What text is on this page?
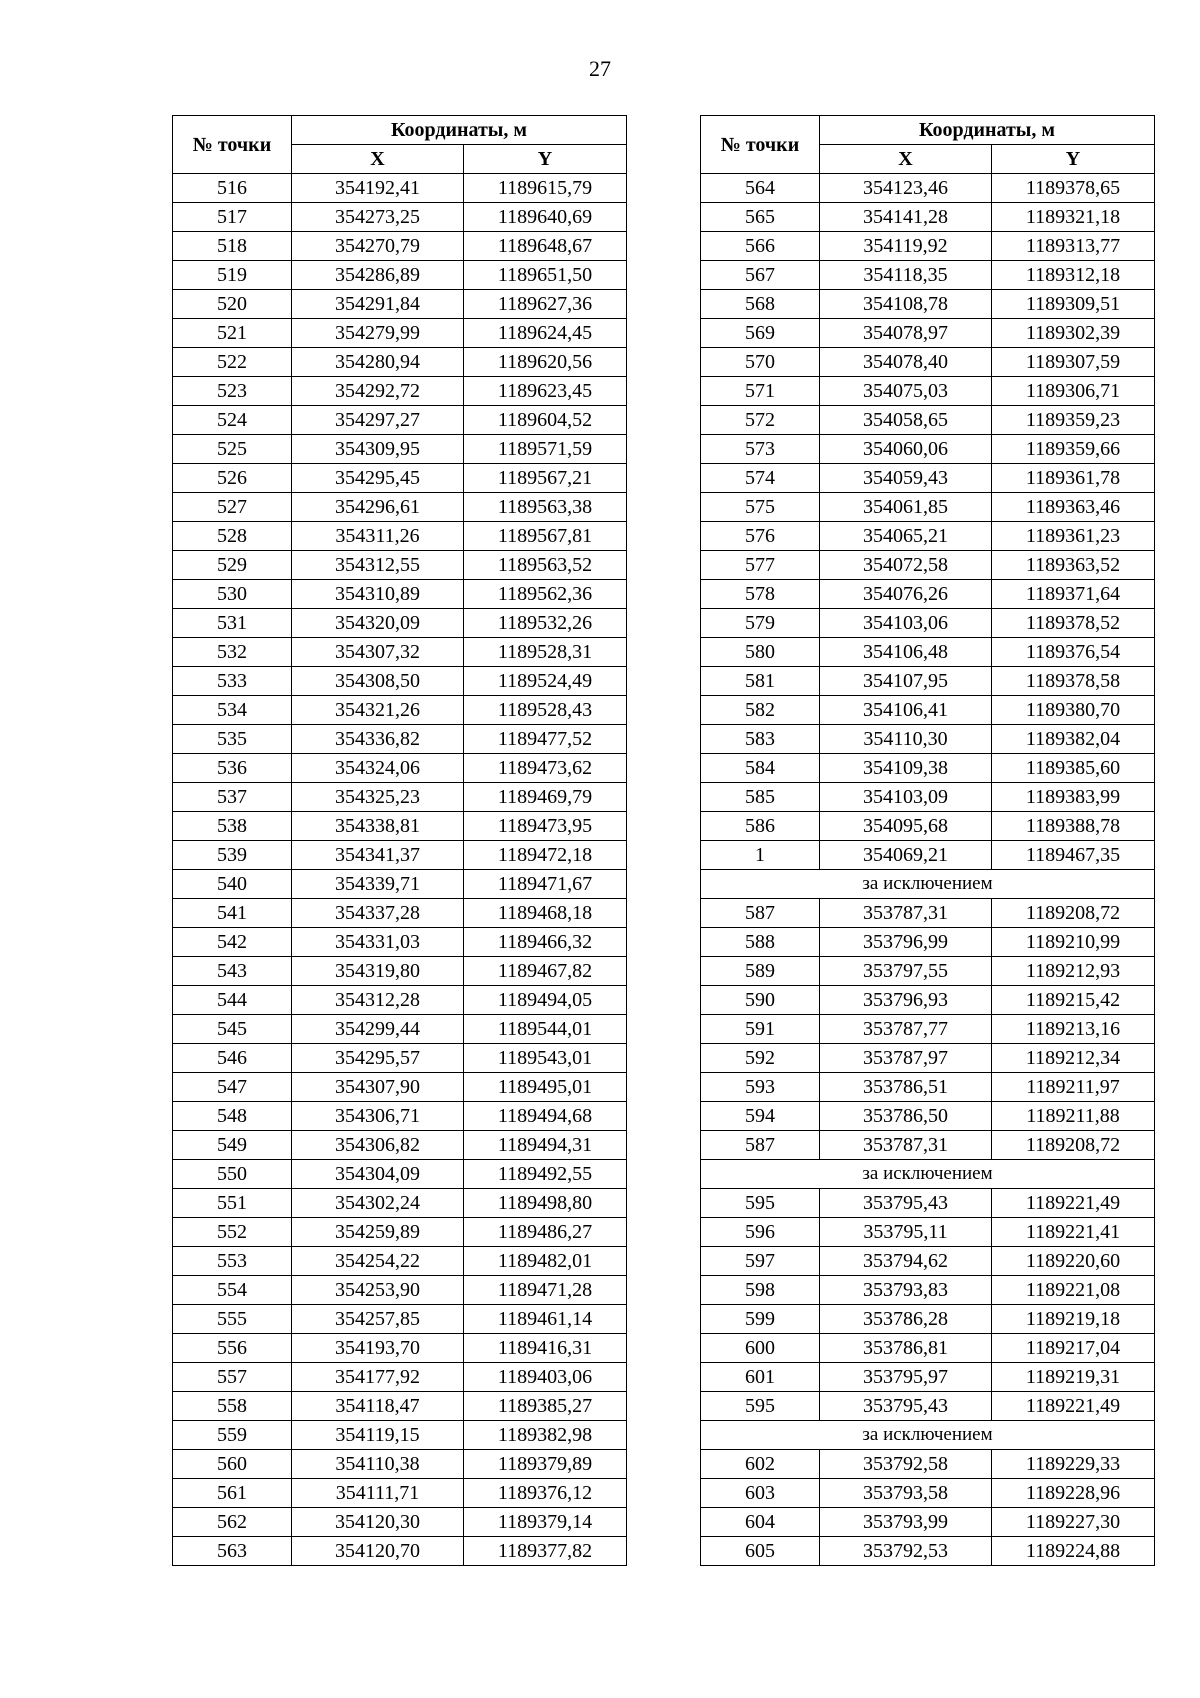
27
№ точки	Координаты, м	
	X	Y
516	354192,41	1189615,79
517	354273,25	1189640,69
518	354270,79	1189648,67
519	354286,89	1189651,50
520	354291,84	1189627,36
521	354279,99	1189624,45
522	354280,94	1189620,56
523	354292,72	1189623,45
524	354297,27	1189604,52
525	354309,95	1189571,59
526	354295,45	1189567,21
527	354296,61	1189563,38
528	354311,26	1189567,81
529	354312,55	1189563,52
530	354310,89	1189562,36
531	354320,09	1189532,26
532	354307,32	1189528,31
533	354308,50	1189524,49
534	354321,26	1189528,43
535	354336,82	1189477,52
536	354324,06	1189473,62
537	354325,23	1189469,79
538	354338,81	1189473,95
539	354341,37	1189472,18
540	354339,71	1189471,67
541	354337,28	1189468,18
542	354331,03	1189466,32
543	354319,80	1189467,82
544	354312,28	1189494,05
545	354299,44	1189544,01
546	354295,57	1189543,01
547	354307,90	1189495,01
548	354306,71	1189494,68
549	354306,82	1189494,31
550	354304,09	1189492,55
551	354302,24	1189498,80
552	354259,89	1189486,27
553	354254,22	1189482,01
554	354253,90	1189471,28
555	354257,85	1189461,14
556	354193,70	1189416,31
557	354177,92	1189403,06
558	354118,47	1189385,27
559	354119,15	1189382,98
560	354110,38	1189379,89
561	354111,71	1189376,12
562	354120,30	1189379,14
563	354120,70	1189377,82
№ точки	Координаты, м	
	X	Y
564	354123,46	1189378,65
565	354141,28	1189321,18
566	354119,92	1189313,77
567	354118,35	1189312,18
568	354108,78	1189309,51
569	354078,97	1189302,39
570	354078,40	1189307,59
571	354075,03	1189306,71
572	354058,65	1189359,23
573	354060,06	1189359,66
574	354059,43	1189361,78
575	354061,85	1189363,46
576	354065,21	1189361,23
577	354072,58	1189363,52
578	354076,26	1189371,64
579	354103,06	1189378,52
580	354106,48	1189376,54
581	354107,95	1189378,58
582	354106,41	1189380,70
583	354110,30	1189382,04
584	354109,38	1189385,60
585	354103,09	1189383,99
586	354095,68	1189388,78
1	354069,21	1189467,35
за исключением		
587	353787,31	1189208,72
588	353796,99	1189210,99
589	353797,55	1189212,93
590	353796,93	1189215,42
591	353787,77	1189213,16
592	353787,97	1189212,34
593	353786,51	1189211,97
594	353786,50	1189211,88
587	353787,31	1189208,72
за исключением		
595	353795,43	1189221,49
596	353795,11	1189221,41
597	353794,62	1189220,60
598	353793,83	1189221,08
599	353786,28	1189219,18
600	353786,81	1189217,04
601	353795,97	1189219,31
595	353795,43	1189221,49
за исключением		
602	353792,58	1189229,33
603	353793,58	1189228,96
604	353793,99	1189227,30
605	353792,53	1189224,88
